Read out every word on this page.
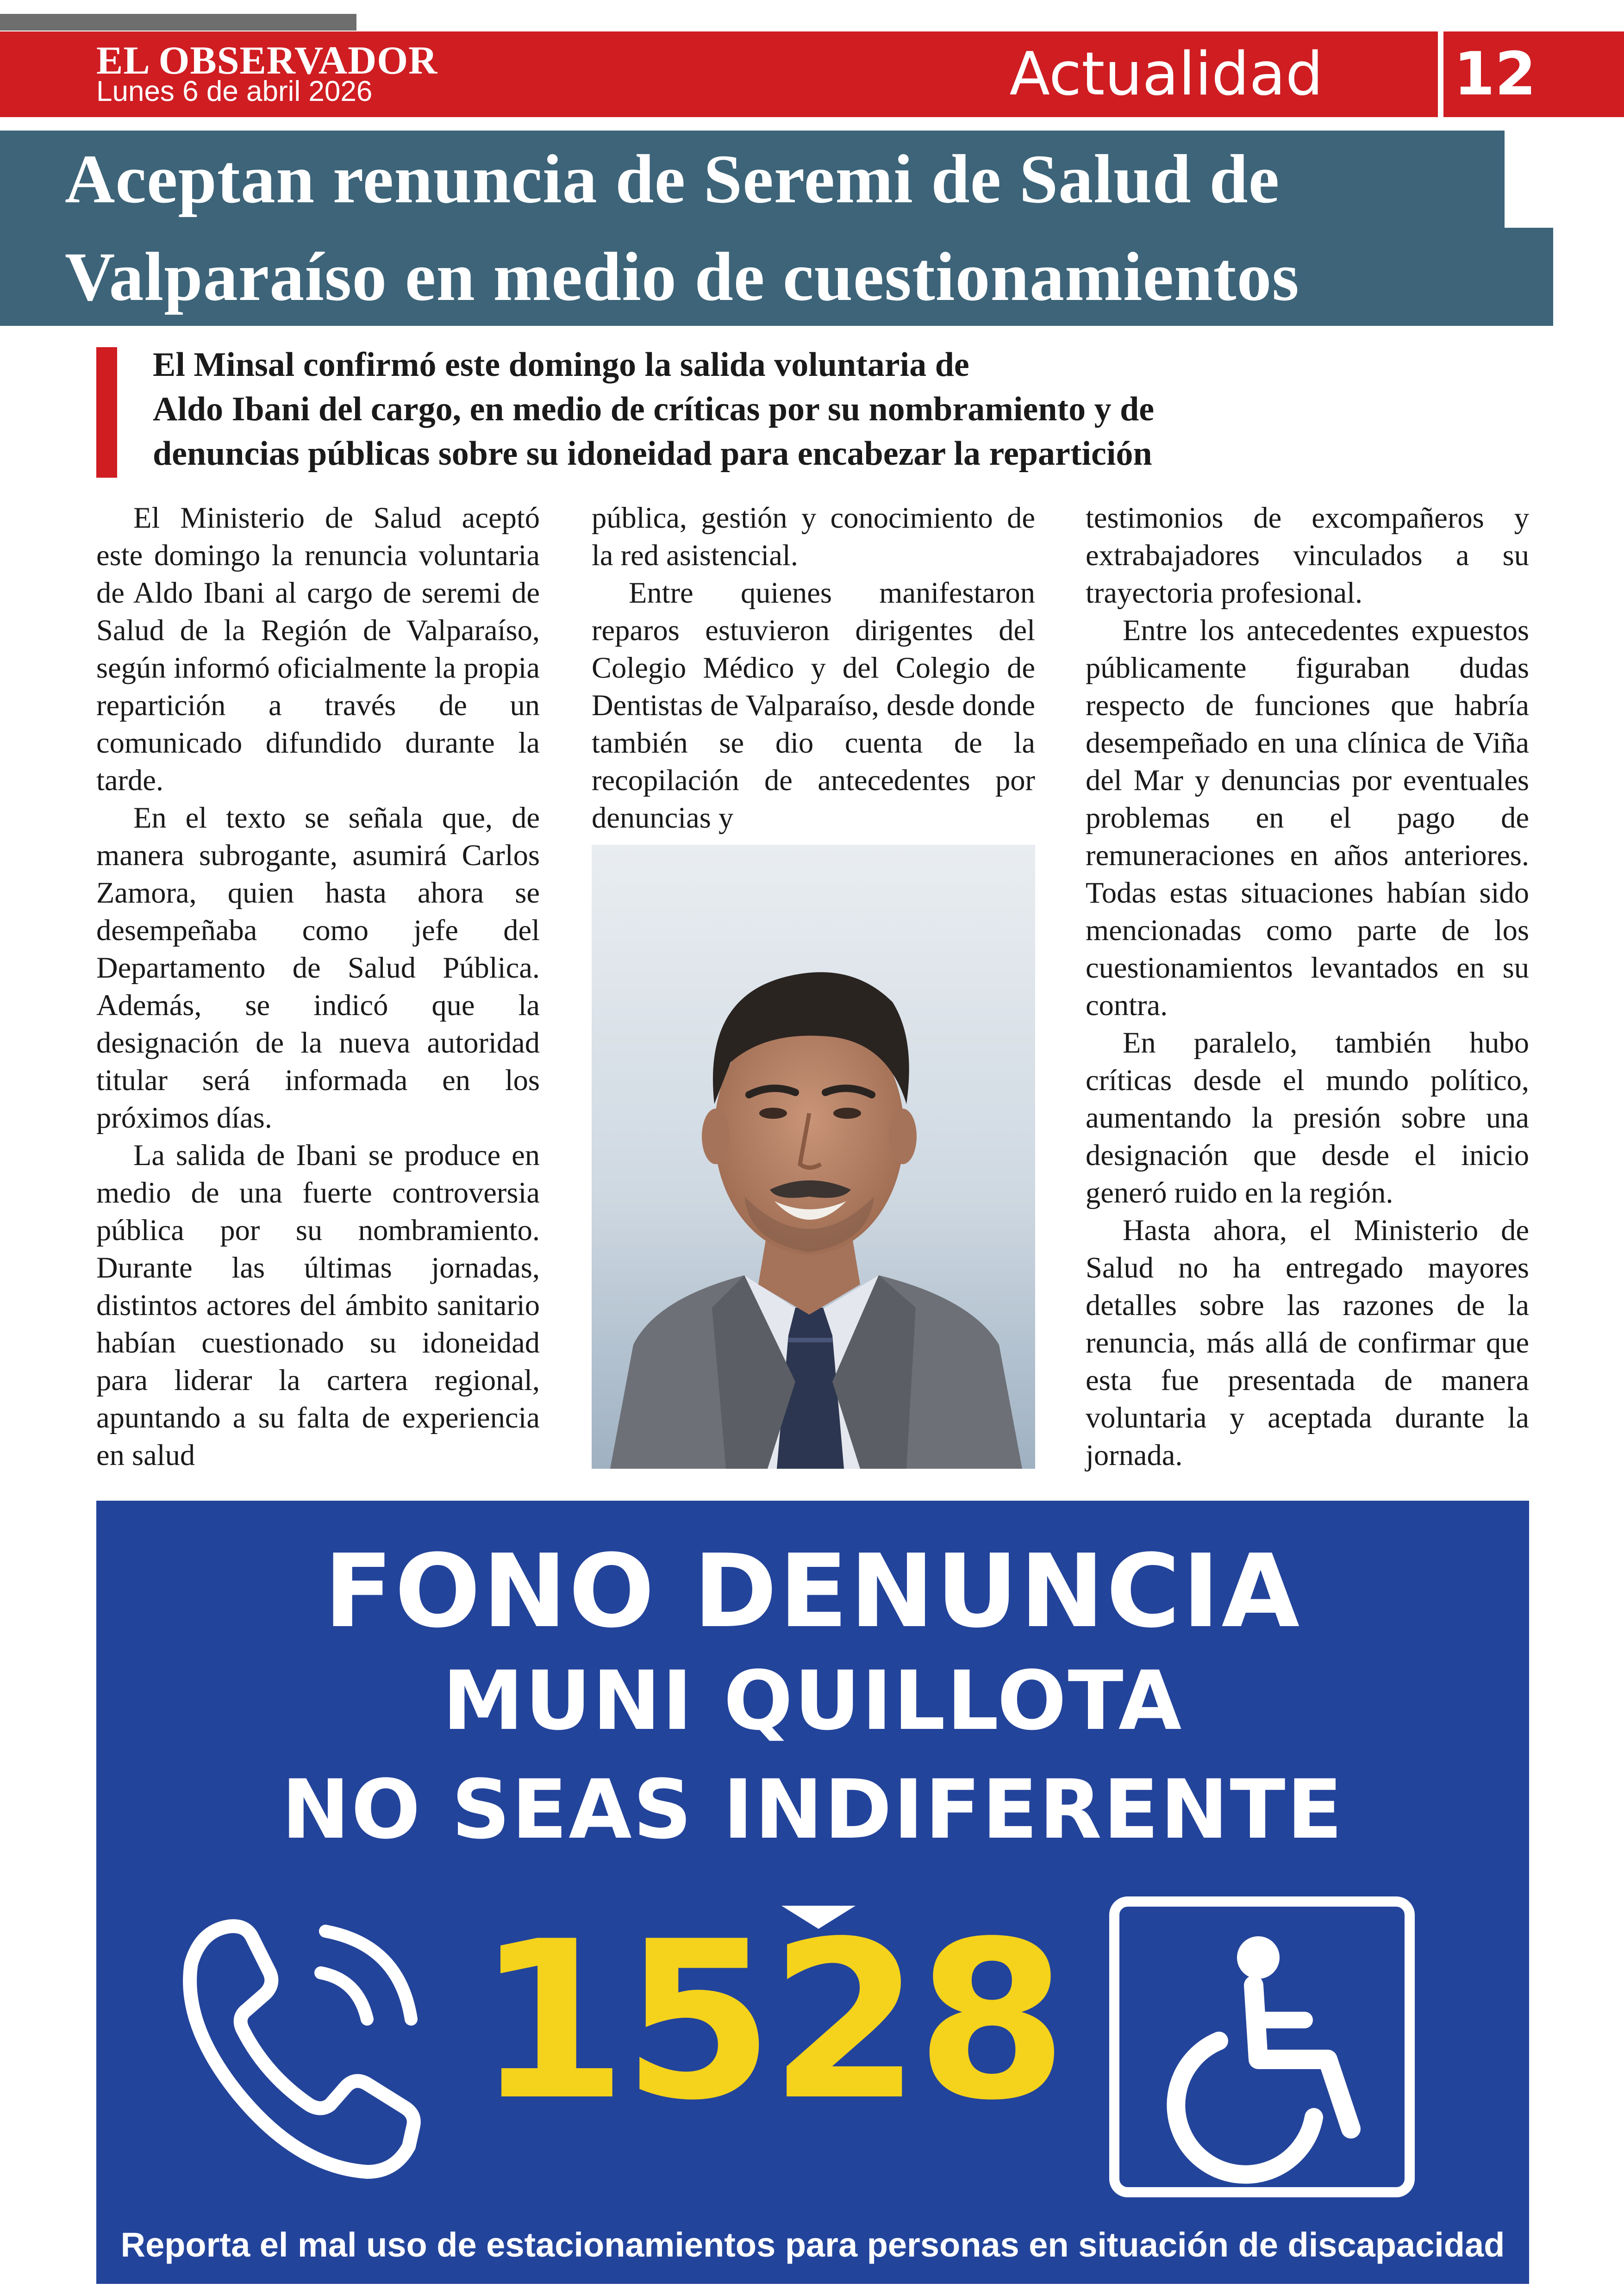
EL OBSERVADOR
Lunes 6 de abril 2026	Actualidad 12
Aceptan renuncia de Seremi de Salud de
Valparaíso en medio de cuestionamientos
El Minsal confirmó este domingo la salida voluntaria de
Aldo Ibani del cargo, en medio de críticas por su nombramiento y de
denuncias públicas sobre su idoneidad para encabezar la repartición

El Ministerio de Salud aceptó este domingo la renuncia voluntaria de Aldo Ibani al cargo de seremi de Salud de la Región de Valparaíso, según informó oficialmente la propia repartición a través de un comunicado difundido durante la tarde.

En el texto se señala que, de manera subrogante, asumirá Carlos Zamora, quien hasta ahora se desempeñaba como jefe del Departamento de Salud Pública. Además, se indicó que la designación de la nueva autoridad titular será informada en los próximos días.

La salida de Ibani se produce en medio de una fuerte controversia pública por su nombramiento. Durante las últimas jornadas, distintos actores del ámbito sanitario habían cuestionado su idoneidad para liderar la cartera regional, apuntando a su falta de experiencia en salud

pública, gestión y conocimiento de la red asistencial.

Entre quienes manifestaron reparos estuvieron dirigentes del Colegio Médico y del Colegio de Dentistas de Valparaíso, desde donde también se dio cuenta de la recopilación de antecedentes por denuncias y

testimonios de excompañeros y extrabajadores vinculados a su trayectoria profesional.

Entre los antecedentes expuestos públicamente figuraban dudas respecto de funciones que habría desempeñado en una clínica de Viña del Mar y denuncias por eventuales problemas en el pago de remuneraciones en años anteriores. Todas estas situaciones habían sido mencionadas como parte de los cuestionamientos levantados en su contra.

En paralelo, también hubo críticas desde el mundo político, aumentando la presión sobre una designación que desde el inicio generó ruido en la región.

Hasta ahora, el Ministerio de Salud no ha entregado mayores detalles sobre las razones de la renuncia, más allá de confirmar que esta fue presentada de manera voluntaria y aceptada durante la jornada.

FONO DENUNCIA
MUNI QUILLOTA
NO SEAS INDIFERENTE
1528
Reporta el mal uso de estacionamientos para personas en situación de discapacidad
